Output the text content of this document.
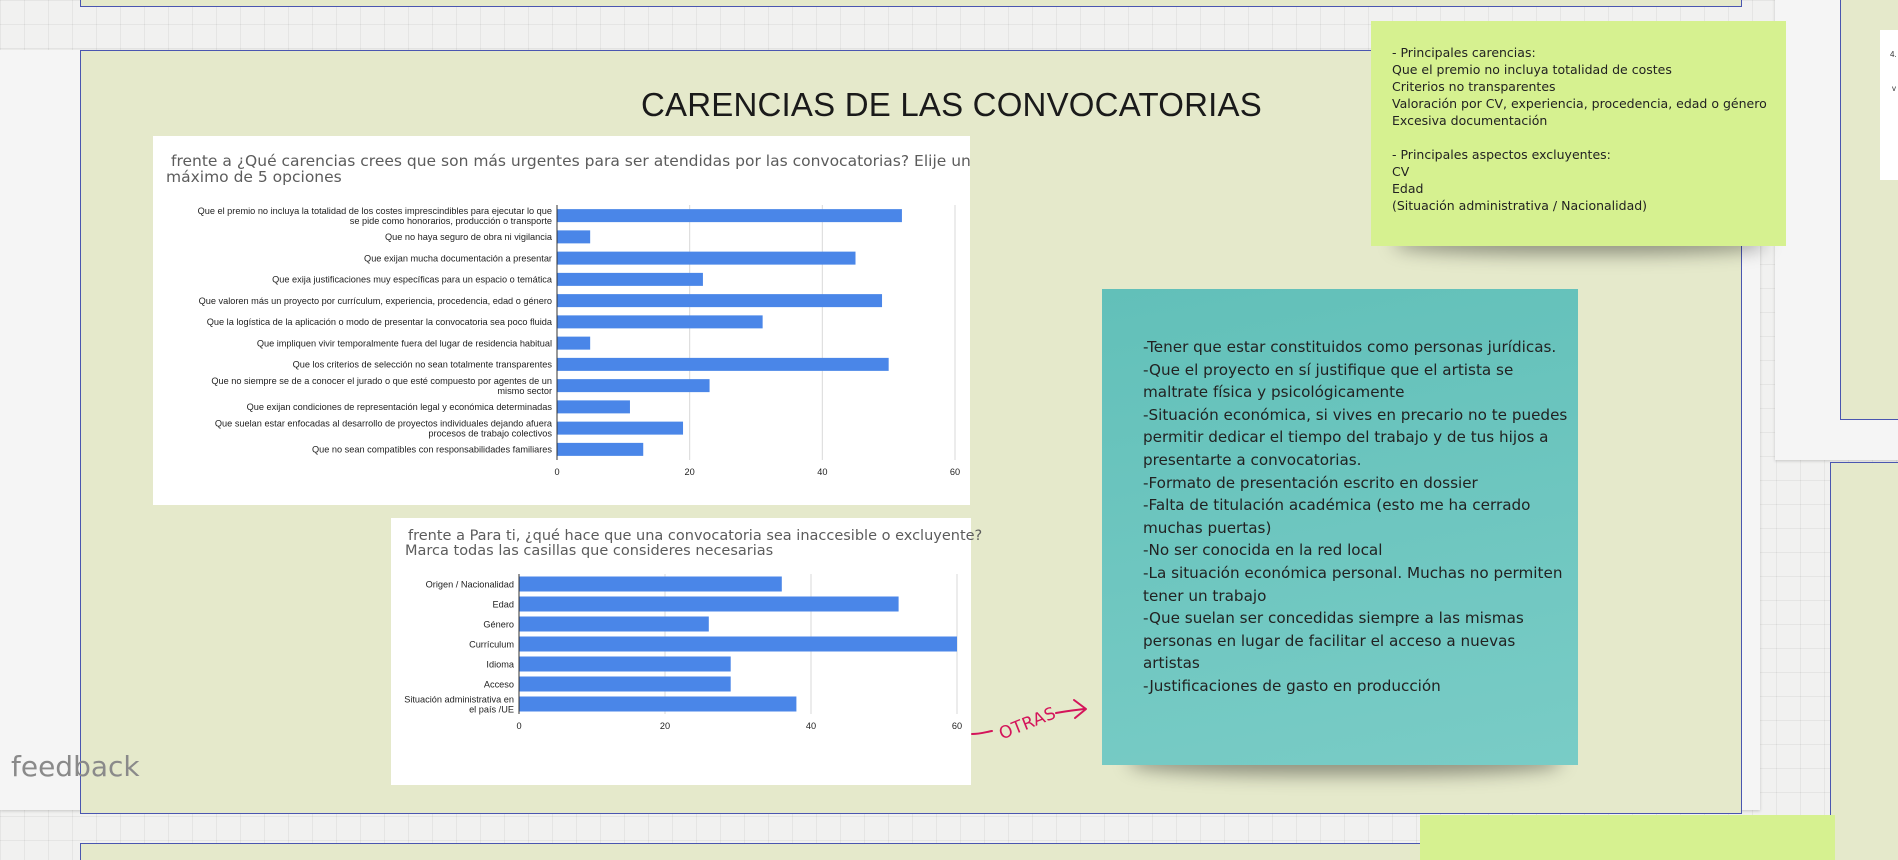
4.
v
CARENCIAS DE LAS CONVOCATORIAS
frente a ¿Qué carencias crees que son más urgentes para ser atendidas por las convocatorias? Elije un
máximo de 5 opciones
Que el premio no incluya la totalidad de los costes imprescindibles para ejecutar lo que
se pide como honorarios, producción o transporte
Que no haya seguro de obra ni vigilancia
Que exijan mucha documentación a presentar
Que exija justificaciones muy específicas para un espacio o temática
Que valoren más un proyecto por currículum, experiencia, procedencia, edad o género
Que la logística de la aplicación o modo de presentar la convocatoria sea poco fluida
Que impliquen vivir temporalmente fuera del lugar de residencia habitual
Que los criterios de selección no sean totalmente transparentes
Que no siempre se de a conocer el jurado o que esté compuesto por agentes de un
mismo sector
Que exijan condiciones de representación legal y económica determinadas
Que suelan estar enfocadas al desarrollo de proyectos individuales dejando afuera
procesos de trabajo colectivos
Que no sean compatibles con responsabilidades familiares
0	20	40	60
frente a Para ti, ¿qué hace que una convocatoria sea inaccesible o excluyente?
Marca todas las casillas que consideres necesarias
Origen / Nacionalidad
Edad
Género
Currículum
Idioma
Acceso
Situación administrativa en
el país /UE
0	20	40	60
- Principales carencias:
Que el premio no incluya totalidad de costes
Criterios no transparentes
Valoración por CV, experiencia, procedencia, edad o género
Excesiva documentación
- Principales aspectos excluyentes:
CV
Edad
(Situación administrativa / Nacionalidad)
-Tener que estar constituidos como personas jurídicas.
-Que el proyecto en sí justifique que el artista se
maltrate física y psicológicamente
-Situación económica, si vives en precario no te puedes
permitir dedicar el tiempo del trabajo y de tus hijos a
presentarte a convocatorias.
-Formato de presentación escrito en dossier
-Falta de titulación académica (esto me ha cerrado
muchas puertas)
-No ser conocida en la red local
-La situación económica personal. Muchas no permiten
tener un trabajo
-Que suelan ser concedidas siempre a las mismas
personas en lugar de facilitar el acceso a nuevas
artistas
-Justificaciones de gasto en producción
OTRAS
feedback
